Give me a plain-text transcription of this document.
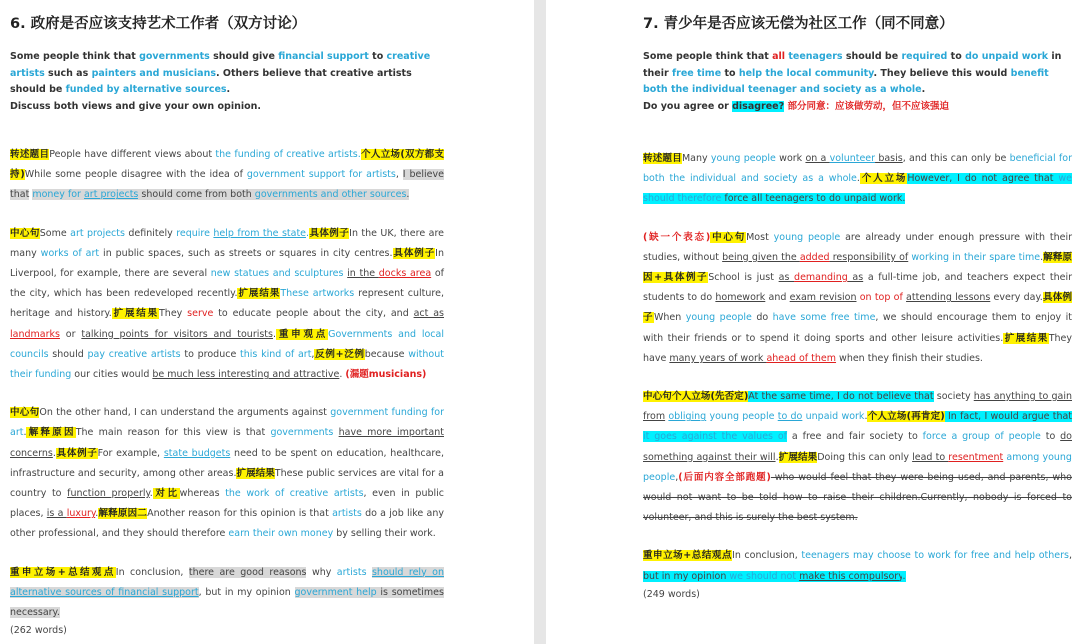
6. 政府是否应该支持艺术工作者（双方讨论）

Some people think that governments should give financial support to creative artists such as painters and musicians. Others believe that creative artists should be funded by alternative sources.

Discuss both views and give your own opinion.

转述题目People have different views about the funding of creative artists.个人立场(双方都支持)While some people disagree with the idea of government support for artists, I believe that money for art projects should come from both governments and other sources.

中心句Some art projects definitely require help from the state.具体例子In the UK, there are many works of art in public spaces, such as streets or squares in city centres.具体例子In Liverpool, for example, there are several new statues and sculptures in the docks area of the city, which has been redeveloped recently.扩展结果These artworks represent culture, heritage and history.扩展结果They serve to educate people about the city, and act as landmarks or talking points for visitors and tourists.重申观点Governments and local councils should pay creative artists to produce this kind of art,反例+泛例because without their funding our cities would be much less interesting and attractive. (漏题musicians)

中心句On the other hand, I can understand the arguments against government funding for art.解释原因The main reason for this view is that governments have more important concerns.具体例子For example, state budgets need to be spent on education, healthcare, infrastructure and security, among other areas.扩展结果These public services are vital for a country to function properly.对比whereas the work of creative artists, even in public places, is a luxury.解释原因二Another reason for this opinion is that artists do a job like any other professional, and they should therefore earn their own money by selling their work.

重申立场+总结观点In conclusion, there are good reasons why artists should rely on alternative sources of financial support, but in my opinion government help is sometimes necessary.

(262 words)
7. 青少年是否应该无偿为社区工作（同不同意）

Some people think that all teenagers should be required to do unpaid work in their free time to help the local community. They believe this would benefit both the individual teenager and society as a whole.

Do you agree or disagree? 部分同意：应该做劳动，但不应该强迫

转述题目Many young people work on a volunteer basis, and this can only be beneficial for both the individual and society as a whole.个人立场However, I do not agree that we should therefore force all teenagers to do unpaid work.

(缺一个表态)中心句Most young people are already under enough pressure with their studies, without being given the added responsibility of working in their spare time.解释原因+具体例子School is just as demanding as a full-time job, and teachers expect their students to do homework and exam revision on top of attending lessons every day.具体例子When young people do have some free time, we should encourage them to enjoy it with their friends or to spend it doing sports and other leisure activities.扩展结果They have many years of work ahead of them when they finish their studies.

中心句个人立场(先否定)At the same time, I do not believe that society has anything to gain from obliging young people to do unpaid work.个人立场(再肯定) In fact, I would argue that it goes against the values of a free and fair society to force a group of people to do something against their will.扩展结果Doing this can only lead to resentment among young people,(后面内容全部跑题) who would feel that they were being used, and parents, who would not want to be told how to raise their children.Currently, nobody is forced to volunteer, and this is surely the best system.

重申立场+总结观点In conclusion, teenagers may choose to work for free and help others, but in my opinion we should not make this compulsory.

(249 words)
